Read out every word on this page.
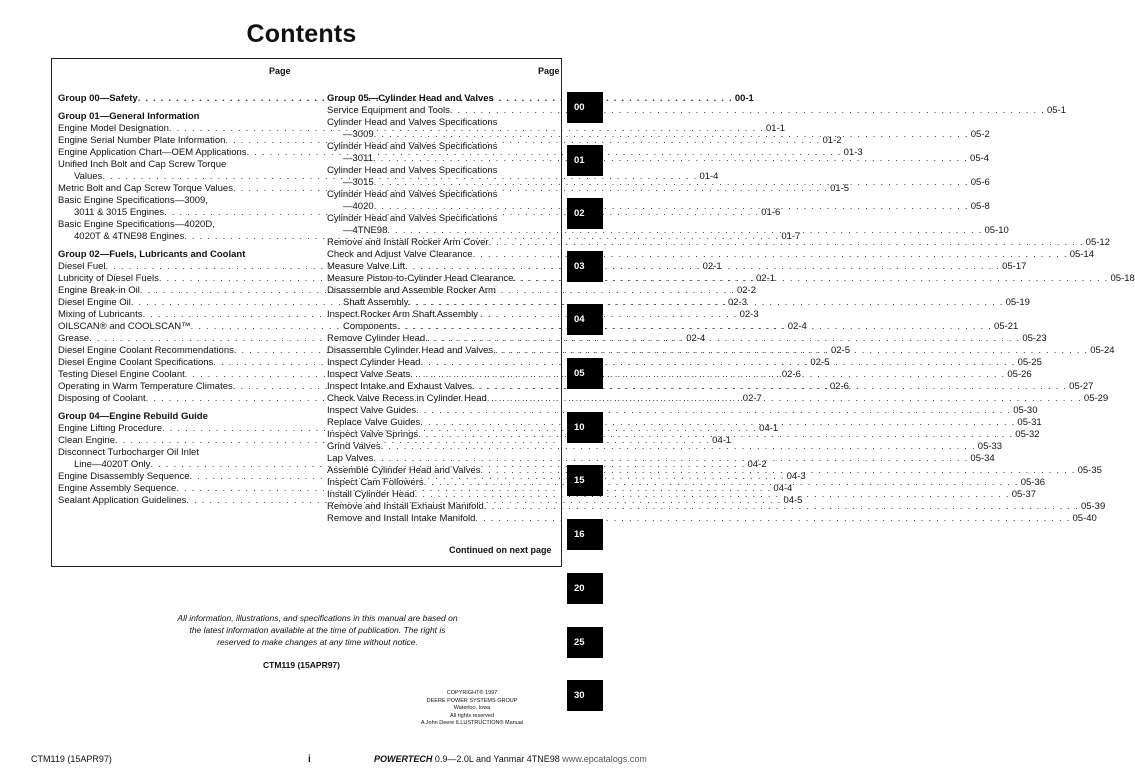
Contents
Page	Page
Group 00—Safety . . .	00-1
Group 01—General Information
Engine Model Designation . . .	01-1
Engine Serial Number Plate Information . . .	01-2
Engine Application Chart—OEM Applications . . .	01-3
Unified Inch Bolt and Cap Screw Torque
Values . . .	01-4
Metric Bolt and Cap Screw Torque Values . . .	01-5
Basic Engine Specifications—3009,
3011 & 3015 Engines . . .	01-6
Basic Engine Specifications—4020D,
4020T & 4TNE98 Engines . . .	01-7
Group 02—Fuels, Lubricants and Coolant
Diesel Fuel . . .	02-1
Lubricity of Diesel Fuels . . .	02-1
Engine Break-in Oil . . .	02-2
Diesel Engine Oil . . .	02-3
Mixing of Lubricants . . .	02-3
OILSCAN® and COOLSCAN™ . . .	02-4
Grease . . .	02-4
Diesel Engine Coolant Recommendations . . .	02-5
Diesel Engine Coolant Specifications . . .	02-5
Testing Diesel Engine Coolant . . .	02-6
Operating in Warm Temperature Climates . . .	02-6
Disposing of Coolant . . .	02-7
Group 04—Engine Rebuild Guide
Engine Lifting Procedure . . .	04-1
Clean Engine . . .	04-1
Disconnect Turbocharger Oil Inlet
Line—4020T Only . . .	04-2
Engine Disassembly Sequence . . .	04-3
Engine Assembly Sequence . . .	04-4
Sealant Application Guidelines . . .	04-5
Group 05—Cylinder Head and Valves
Service Equipment and Tools . . .	05-1
Cylinder Head and Valves Specifications
—3009 . . .	05-2
Cylinder Head and Valves Specifications
—3011 . . .	05-4
Cylinder Head and Valves Specifications
—3015 . . .	05-6
Cylinder Head and Valves Specifications
—4020 . . .	05-8
Cylinder Head and Valves Specifications
—4TNE98 . . .	05-10
Remove and Install Rocker Arm Cover . . .	05-12
Check and Adjust Valve Clearance . . .	05-14
Measure Valve Lift . . .	05-17
Measure Piston-to-Cylinder Head Clearance . . .	05-18
Disassemble and Assemble Rocker Arm
Shaft Assembly . . .	05-19
Inspect Rocker Arm Shaft Assembly
Components . . .	05-21
Remove Cylinder Head . . .	05-23
Disassemble Cylinder Head and Valves . . .	05-24
Inspect Cylinder Head . . .	05-25
Inspect Valve Seats . . .	05-26
Inspect Intake and Exhaust Valves . . .	05-27
Check Valve Recess in Cylinder Head . . .	05-29
Inspect Valve Guides . . .	05-30
Replace Valve Guides . . .	05-31
Inspect Valve Springs . . .	05-32
Grind Valves . . .	05-33
Lap Valves . . .	05-34
Assemble Cylinder Head and Valves . . .	05-35
Inspect Cam Followers . . .	05-36
Install Cylinder Head . . .	05-37
Remove and Install Exhaust Manifold . . .	05-39
Remove and Install Intake Manifold . . .	05-40
Continued on next page
00
01
02
03
04
05
10
15
16
20
25
30
All information, illustrations, and specifications in this manual are based on
the latest information available at the time of publication. The right is
reserved to make changes at any time without notice.
CTM119 (15APR97)
COPYRIGHT® 1997
DEERE POWER SYSTEMS GROUP
Waterloo, Iowa
All rights reserved
A John Deere ILLUSTRUCTION® Manual
CTM119 (15APR97)	i	POWERTECH 0.9—2.0L and Yanmar 4TNE98 www.epcatalogs.com
